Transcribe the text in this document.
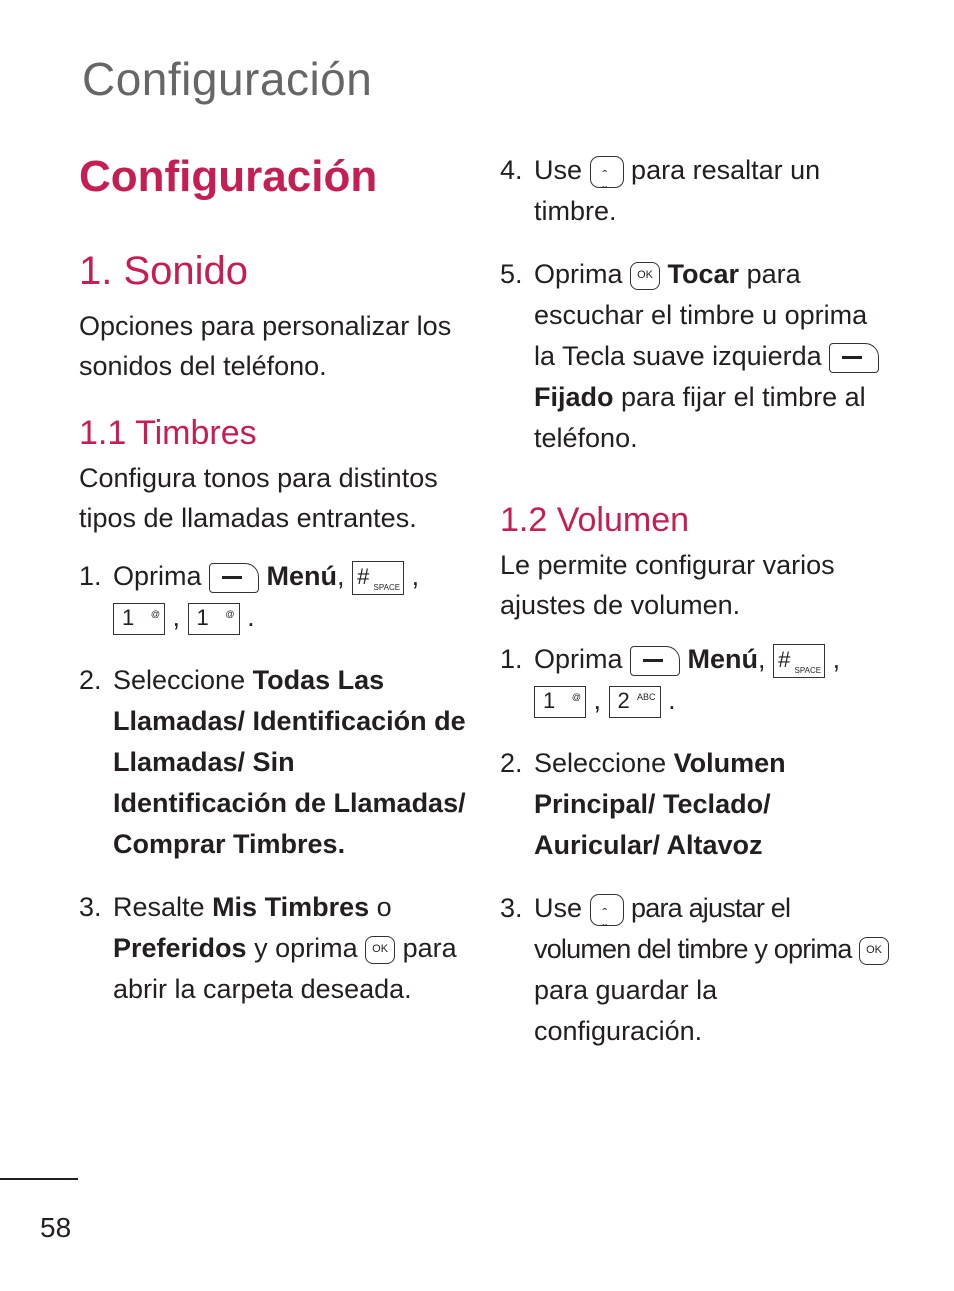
Configuración
Configuración
1. Sonido

Opciones para personalizar los sonidos del teléfono.

1.1 Timbres

Configura tonos para distintos tipos de llamadas entrantes.

1. Oprima Menú, # SPACE ,
1 @ , 1 @ .
2. Seleccione Todas Las Llamadas/ Identificación de Llamadas/ Sin Identificación de Llamadas/ Comprar Timbres.
3. Resalte Mis Timbres o Preferidos y oprima OK para abrir la carpeta deseada.
4. Use ˆ ˇ para resaltar un timbre.
5. Oprima OK Tocar para escuchar el timbre u oprima la Tecla suave izquierda  Fijado para fijar el timbre al teléfono.
1.2 Volumen

Le permite configurar varios ajustes de volumen.

1. Oprima Menú, # SPACE ,
1 @ , 2 ABC .
2. Seleccione Volumen Principal/ Teclado/ Auricular/ Altavoz
3. Use ˆ ˇ para ajustar el volumen del timbre y oprima OK para guardar la configuración.
58
